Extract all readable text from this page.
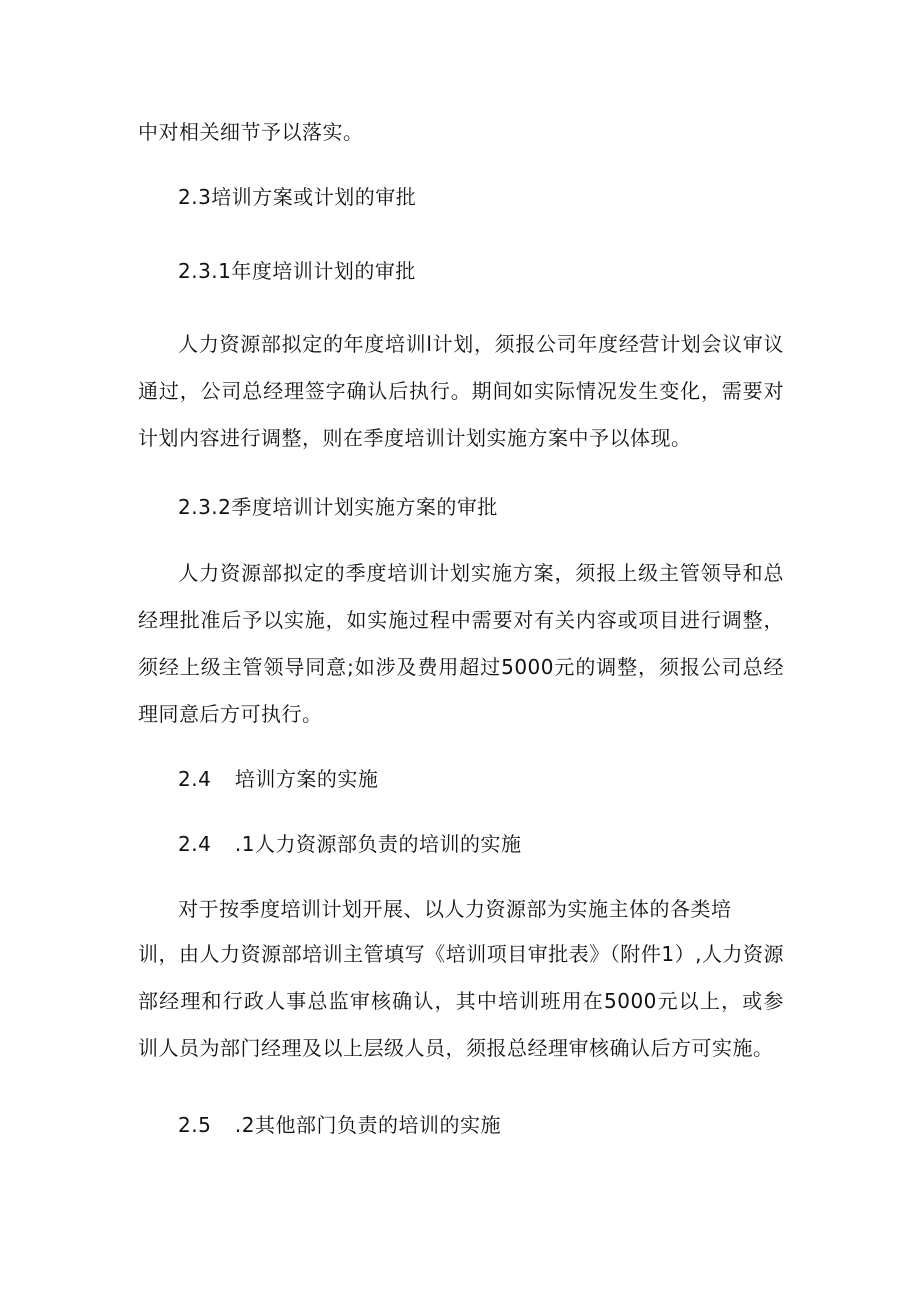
中对相关细节予以落实。
2.3培训方案或计划的审批
2.3.1年度培训计划的审批
人力资源部拟定的年度培训l计划，须报公司年度经营计划会议审议通过，公司总经理签字确认后执行。期间如实际情况发生变化，需要对计划内容进行调整，则在季度培训计划实施方案中予以体现。
2.3.2季度培训计划实施方案的审批
人力资源部拟定的季度培训计划实施方案，须报上级主管领导和总经理批准后予以实施，如实施过程中需要对有关内容或项目进行调整，须经上级主管领导同意;如涉及费用超过5000元的调整，须报公司总经理同意后方可执行。
2.4 培训方案的实施
2.4 .1人力资源部负责的培训的实施
对于按季度培训计划开展、以人力资源部为实施主体的各类培
训，由人力资源部培训主管填写《培训项目审批表》（附件1）,人力资源部经理和行政人事总监审核确认，其中培训班用在5000元以上，或参训人员为部门经理及以上层级人员，须报总经理审核确认后方可实施。
2.5 .2其他部门负责的培训的实施
